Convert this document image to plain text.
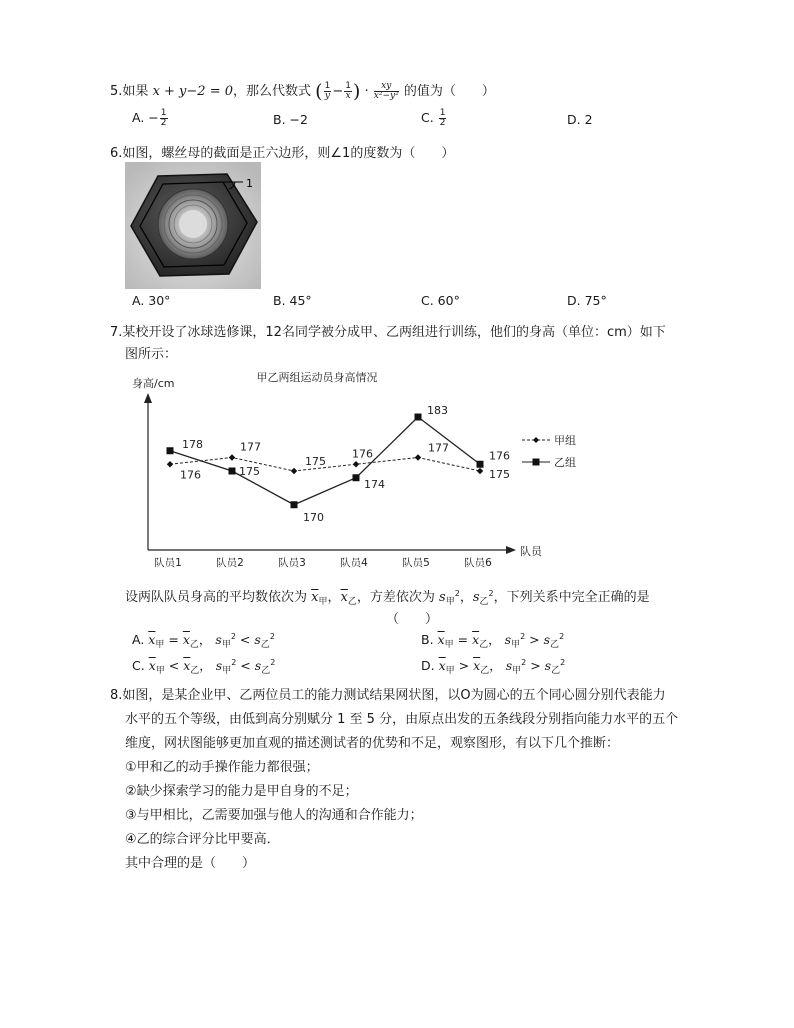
5.如果 x + y−2 = 0，那么代数式 ( $\frac{1}{y} - \frac{1}{x}$ ) · $\frac{xy}{\text{x²−y²}}$ 的值为（　　）
A. − $\frac{1}{2}$	B. −2	C. $\frac{1}{2}$	D. 2
6.如图，螺丝母的截面是正六边形，则∠1的度数为（　　）
1
A. 30°	B. 45°	C. 60°	D. 75°
7.某校开设了冰球选修课，12名同学被分成甲、乙两组进行训练，他们的身高（单位：cm）如下
图所示：
甲乙两组运动员身高情况
身高/cm
178
176
177
175
175
170
176
174
183
177
176
175
队员1	队员2	队员3	队员4	队员5	队员6
队员
甲组
乙组
设两队队员身高的平均数依次为 $\overline{x}_甲$，$\overline{x}_乙$，方差依次为 $s_甲^2$，$s_乙^2$，下列关系中完全正确的是
（　　）
A. $\overline{x}_甲 = \overline{x}_乙$， $s_甲^2 < s_乙^2$	B. $\overline{x}_甲 = \overline{x}_乙$， $s_甲^2 > s_乙^2$
C. $\overline{x}_甲 < \overline{x}_乙$， $s_甲^2 < s_乙^2$	D. $\overline{x}_甲 > \overline{x}_乙$， $s_甲^2 > s_乙^2$
8.如图，是某企业甲、乙两位员工的能力测试结果网状图，以O为圆心的五个同心圆分别代表能力
水平的五个等级，由低到高分别赋分 1 至 5 分，由原点出发的五条线段分别指向能力水平的五个
维度，网状图能够更加直观的描述测试者的优势和不足，观察图形，有以下几个推断：
①甲和乙的动手操作能力都很强；
②缺少探索学习的能力是甲自身的不足；
③与甲相比，乙需要加强与他人的沟通和合作能力；
④乙的综合评分比甲要高．
其中合理的是（　　）
